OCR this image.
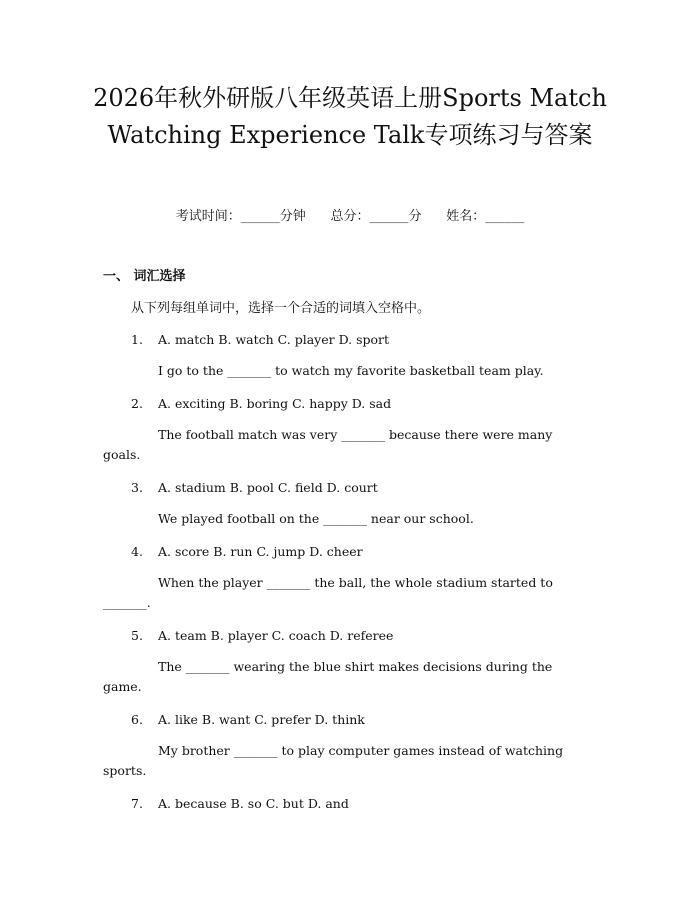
2026年秋外研版八年级英语上册Sports Match Watching Experience Talk专项练习与答案
考试时间：______分钟      总分：______分      姓名：______
一、 词汇选择
从下列每组单词中，选择一个合适的词填入空格中。
1. A. match B. watch C. player D. sport

I go to the _______ to watch my favorite basketball team play.

2. A. exciting B. boring C. happy D. sad

The football match was very _______ because there were many goals.

3. A. stadium B. pool C. field D. court

We played football on the _______ near our school.

4. A. score B. run C. jump D. cheer

When the player _______ the ball, the whole stadium started to _______.

5. A. team B. player C. coach D. referee

The _______ wearing the blue shirt makes decisions during the game.

6. A. like B. want C. prefer D. think

My brother _______ to play computer games instead of watching sports.

7. A. because B. so C. but D. and
